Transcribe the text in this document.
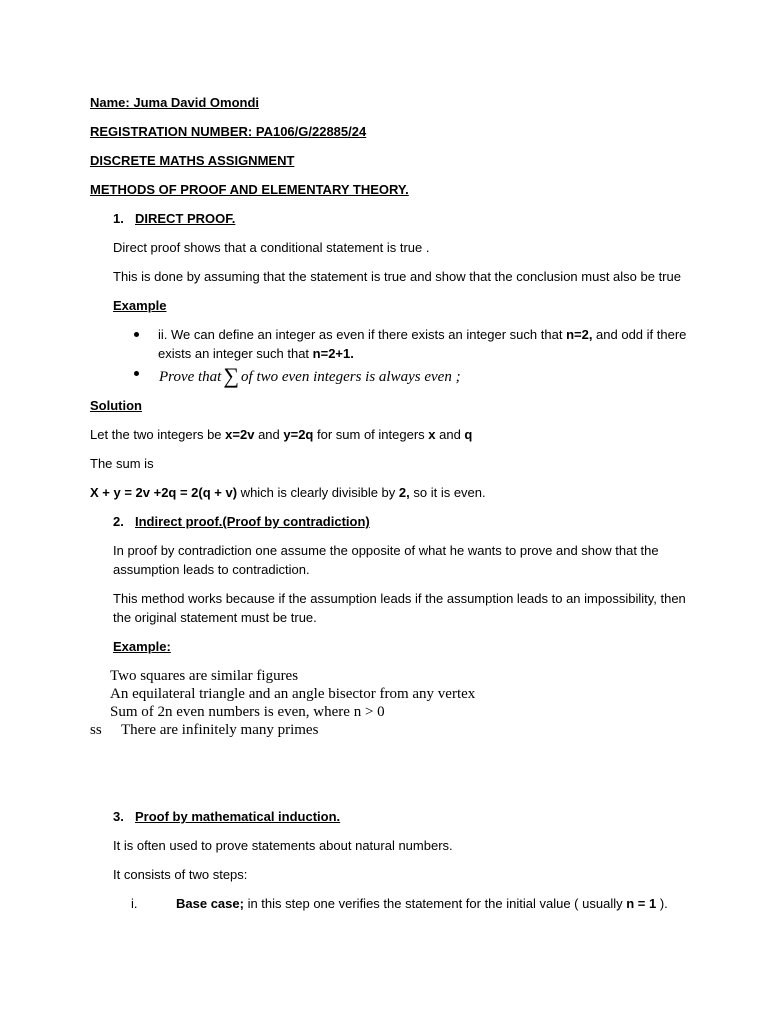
Name: Juma David Omondi
REGISTRATION NUMBER: PA106/G/22885/24
DISCRETE MATHS ASSIGNMENT
METHODS OF PROOF AND ELEMENTARY THEORY.
1. DIRECT PROOF.
Direct proof shows that a conditional statement is true .
This is done by assuming that the statement is true and show that the conclusion must also be true
Example
ii. We can define an integer as even if there exists an integer such that n=2, and odd if there
exists an integer such that n=2+1.
Prove that∑ of two even integers is always even ;
Solution
Let the two integers be x=2v and y=2q for sum of integers x and q
The sum is
X + y = 2v +2q = 2(q + v) which is clearly divisible by 2, so it is even.
2. Indirect proof.(Proof by contradiction)
In proof by contradiction one assume the opposite of what he wants to prove and show that the
assumption leads to contradiction.
This method works because if the assumption leads if the assumption leads to an impossibility, then
the original statement must be true.
Example:
Two squares are similar figures
An equilateral triangle and an angle bisector from any vertex
Sum of 2n even numbers is even, where n > 0
ss There are infinitely many primes
3. Proof by mathematical induction.
It is often used to prove statements about natural numbers.
It consists of two steps:
i.	Base case; in this step one verifies the statement for the initial value ( usually n = 1 ).
